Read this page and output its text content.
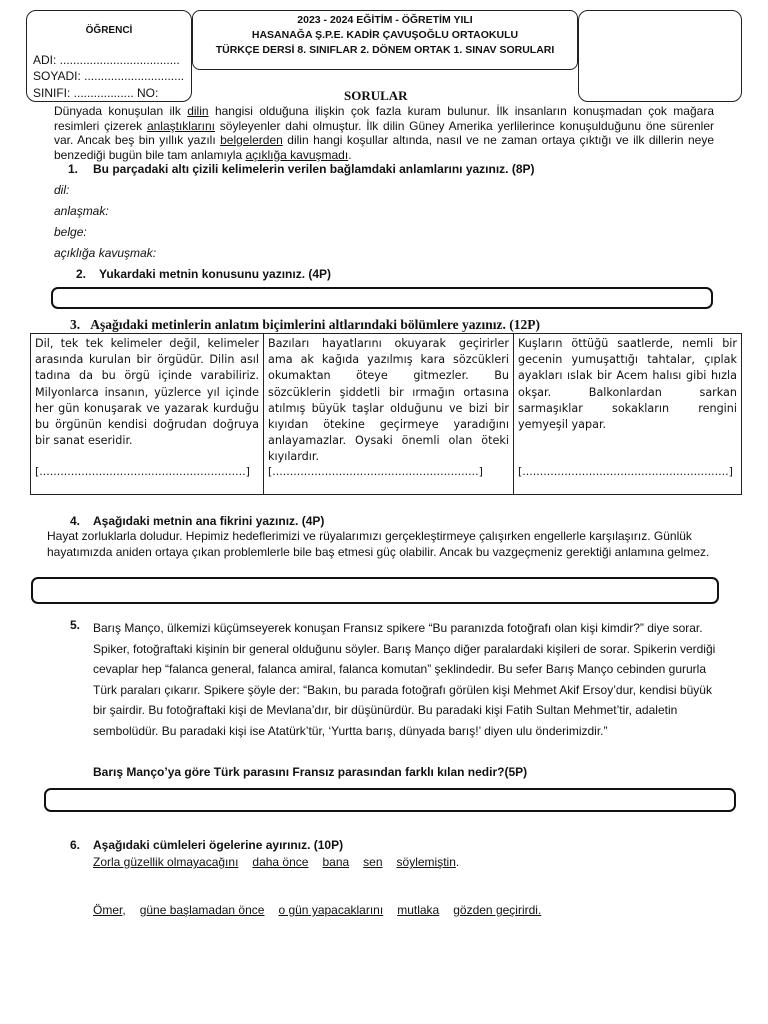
ÖĞRENCİ
ADI: ....................................
SOYADI: ..............................
SINIFI: .................. NO:
2023 - 2024 EĞİTİM - ÖĞRETİM YILI
HASANAĞA Ş.P.E. KADİR ÇAVUŞOĞLU ORTAOKULU
TÜRKÇE DERSİ 8. SINIFLAR 2. DÖNEM ORTAK 1. SINAV SORULARI
SORULAR
Dünyada konuşulan ilk dilin hangisi olduğuna ilişkin çok fazla kuram bulunur. İlk insanların konuşmadan çok mağara resimleri çizerek anlaştıklarını söyleyenler dahi olmuştur. İlk dilin Güney Amerika yerlilerince konuşulduğunu öne sürenler var. Ancak beş bin yıllık yazılı belgelerden dilin hangi koşullar altında, nasıl ve ne zaman ortaya çıktığı ve ilk dillerin neye benzediği bugün bile tam anlamıyla açıklığa kavuşmadı.
1. Bu parçadaki altı çizili kelimelerin verilen bağlamdaki anlamlarını yazınız. (8P)
dil:
anlaşmak:
belge:
açıklığa kavuşmak:
2. Yukardaki metnin konusunu yazınız. (4P)
3. Aşağıdaki metinlerin anlatım biçimlerini altlarındaki bölümlere yazınız. (12P)
Dil, tek tek kelimeler değil, kelimeler arasında kurulan bir örgüdür. Dilin asıl tadına da bu örgü içinde varabiliriz. Milyonlarca insanın, yüzlerce yıl içinde her gün konuşarak ve yazarak kurduğu bu örgünün kendisi doğrudan doğruya bir sanat eseridir.
[...........................................................]

Bazıları hayatlarını okuyarak geçirirler ama ak kağıda yazılmış kara sözcükleri okumaktan öteye gitmezler. Bu sözcüklerin şiddetli bir ırmağın ortasına atılmış büyük taşlar olduğunu ve bizi bir kıyıdan ötekine geçirmeye yaradığını anlayamazlar. Oysaki önemli olan öteki kıyılardır.
[...........................................................]

Kuşların öttüğü saatlerde, nemli bir gecenin yumuşattığı tahtalar, çıplak ayakları ıslak bir Acem halısı gibi hızla okşar. Balkonlardan sarkan sarmaşıklar sokakların rengini yemyeşil yapar.
[...........................................................]
4. Aşağıdaki metnin ana fikrini yazınız. (4P)
Hayat zorluklarla doludur. Hepimiz hedeflerimizi ve rüyalarımızı gerçekleştirmeye çalışırken engellerle karşılaşırız. Günlük hayatımızda aniden ortaya çıkan problemlerle bile baş etmesi güç olabilir. Ancak bu vazgeçmeniz gerektiği anlamına gelmez.
5. Barış Manço, ülkemizi küçümseyerek konuşan Fransız spikere “Bu paranızda fotoğrafı olan kişi kimdir?” diye sorar. Spiker, fotoğraftaki kişinin bir general olduğunu söyler. Barış Manço diğer paralardaki kişileri de sorar. Spikerin verdiği cevaplar hep “falanca general, falanca amiral, falanca komutan” şeklindedir. Bu sefer Barış Manço cebinden gururla Türk paraları çıkarır. Spikere şöyle der: “Bakın, bu parada fotoğrafı görülen kişi Mehmet Akif Ersoy’dur, kendisi büyük bir şairdir. Bu fotoğraftaki kişi de Mevlana’dır, bir düşünürdür. Bu paradaki kişi Fatih Sultan Mehmet’tir, adaletin sembolüdür. Bu paradaki kişi ise Atatürk’tür, ‘Yurtta barış, dünyada barış!’ diyen ulu önderimizdir.”
Barış Manço’ya göre Türk parasını Fransız parasından farklı kılan nedir?(5P)
6. Aşağıdaki cümleleri ögelerine ayırınız. (10P)
Zorla güzellik olmayacağını daha önce bana sen söylemiştin.
Ömer, güne başlamadan önce o gün yapacaklarını mutlaka gözden geçirirdi.
